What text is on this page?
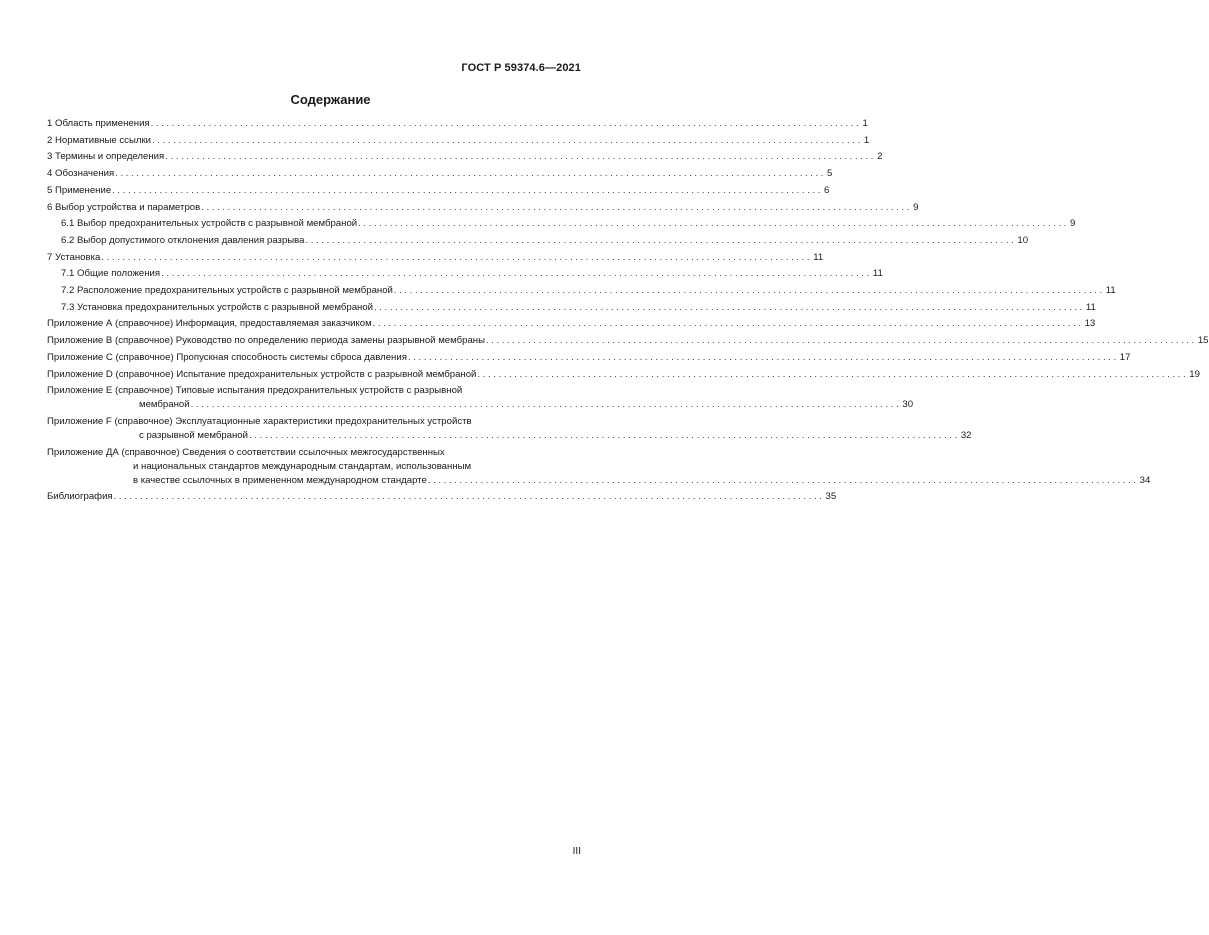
ГОСТ Р 59374.6—2021
Содержание
1 Область применения ....................................................................................................................................... 1
2 Нормативные ссылки ....................................................................................................................................... 1
3 Термины и определения ....................................................................................................................................... 2
4 Обозначения ....................................................................................................................................... 5
5 Применение ....................................................................................................................................... 6
6 Выбор устройства и параметров ....................................................................................................................................... 9
6.1 Выбор предохранительных устройств с разрывной мембраной ....................................................................................................................................... 9
6.2 Выбор допустимого отклонения давления разрыва ....................................................................................................................................... 10
7 Установка ....................................................................................................................................... 11
7.1 Общие положения ....................................................................................................................................... 11
7.2 Расположение предохранительных устройств с разрывной мембраной ....................................................................................................................................... 11
7.3 Установка предохранительных устройств с разрывной мембраной ....................................................................................................................................... 11
Приложение А (справочное) Информация, предоставляемая заказчиком ....................................................................................................................................... 13
Приложение В (справочное) Руководство по определению периода замены разрывной мембраны ....................................................................................................................................... 15
Приложение С (справочное) Пропускная способность системы сброса давления ....................................................................................................................................... 17
Приложение D (справочное) Испытание предохранительных устройств с разрывной мембраной ....................................................................................................................................... 19
Приложение Е (справочное) Типовые испытания предохранительных устройств с разрывной
мембраной ....................................................................................................................................... 30
Приложение F (справочное) Эксплуатационные характеристики предохранительных устройств
с разрывной мембраной ....................................................................................................................................... 32
Приложение ДА (справочное) Сведения о соответствии ссылочных межгосударственных
и национальных стандартов международным стандартам, использованным
в качестве ссылочных в примененном международном стандарте ....................................................................................................................................... 34
Библиография ....................................................................................................................................... 35
III
